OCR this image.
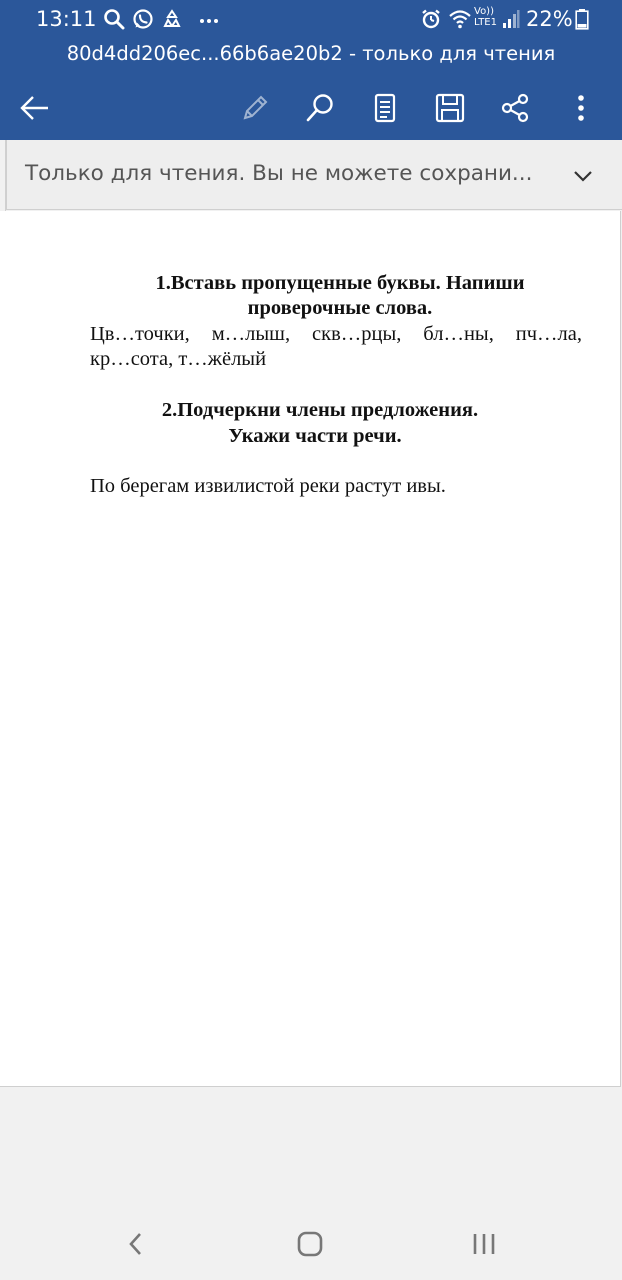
13:11	Vo))
LTE1 22%
80d4dd206ec...66b6ae20b2 - только для чтения
Только для чтения. Вы не можете сохрани...
1.Вставь пропущенные буквы. Напиши
проверочные слова.
Цв…точки, м…лыш, скв…рцы, бл…ны, пч…ла,
кр…сота, т…жёлый
2.Подчеркни члены предложения.
Укажи части речи.
По берегам извилистой реки растут ивы.
